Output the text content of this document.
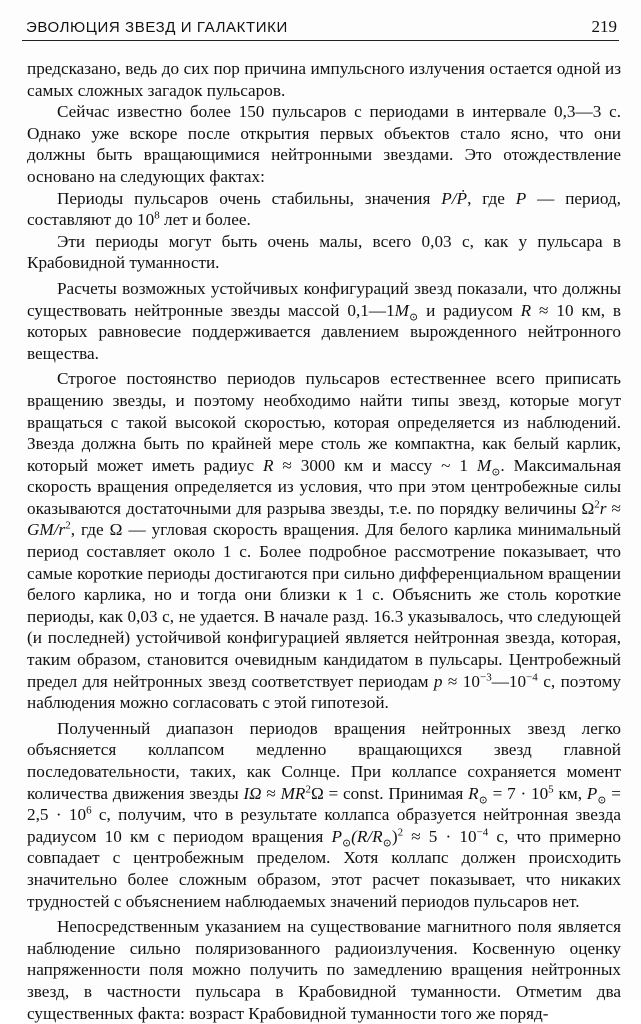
ЭВОЛЮЦИЯ ЗВЕЗД И ГАЛАКТИКИ	219

предсказано, ведь до сих пор причина импульсного излучения остается одной из самых сложных загадок пульсаров.

Сейчас известно более 150 пульсаров с периодами в интервале 0,3—3 с. Однако уже вскоре после открытия первых объектов стало ясно, что они должны быть вращающимися нейтронными звездами. Это отождествление основано на следующих фактах:

Периоды пульсаров очень стабильны, значения P/Ṗ, где P — период, составляют до $10^8$ лет и более.

Эти периоды могут быть очень малы, всего 0,03 с, как у пульсара в Крабовидной туманности.

Расчеты возможных устойчивых конфигураций звезд показали, что должны существовать нейтронные звезды массой $0,1—1M_⊙$ и радиусом R ≈ 10 км, в которых равновесие поддерживается давлением вырожденного нейтронного вещества.

Строгое постоянство периодов пульсаров естественнее всего приписать вращению звезды, и поэтому необходимо найти типы звезд, которые могут вращаться с такой высокой скоростью, которая определяется из наблюдений. Звезда должна быть по крайней мере столь же компактна, как белый карлик, который может иметь радиус R ≈ 3000 км и массу ~ 1 $M_⊙$. Максимальная скорость вращения определяется из условия, что при этом центробежные силы оказываются достаточными для разрыва звезды, т.е. по порядку величины $\Omega^2r \approx GM/r^2$, где Ω — угловая скорость вращения. Для белого карлика минимальный период составляет около 1 с. Более подробное рассмотрение показывает, что самые короткие периоды достигаются при сильно дифференциальном вращении белого карлика, но и тогда они близки к 1 с. Объяснить же столь короткие периоды, как 0,03 с, не удается. В начале разд. 16.3 указывалось, что следующей (и последней) устойчивой конфигурацией является нейтронная звезда, которая, таким образом, становится очевидным кандидатом в пульсары. Центробежный предел для нейтронных звезд соответствует периодам $p \approx 10^{-3}—10^{-4}$ с, поэтому наблюдения можно согласовать с этой гипотезой.

Полученный диапазон периодов вращения нейтронных звезд легко объясняется коллапсом медленно вращающихся звезд главной последовательности, таких, как Солнце. При коллапсе сохраняется момент количества движения звезды $I\Omega \approx MR^2\Omega$ = const. Принимая $R_⊙ = 7 \cdot 10^5$ км, $P_⊙ = 2,5 \cdot 10^6$ с, получим, что в результате коллапса образуется нейтронная звезда радиусом 10 км с периодом вращения $P_⊙(R/R_⊙)^2 \approx 5 \cdot 10^{-4}$ с, что примерно совпадает с центробежным пределом. Хотя коллапс должен происходить значительно более сложным образом, этот расчет показывает, что никаких трудностей с объяснением наблюдаемых значений периодов пульсаров нет.

Непосредственным указанием на существование магнитного поля является наблюдение сильно поляризованного радиоизлучения. Косвенную оценку напряженности поля можно получить по замедлению вращения нейтронных звезд, в частности пульсара в Крабовидной туманности. Отметим два существенных факта: возраст Крабовидной туманности того же поряд-
